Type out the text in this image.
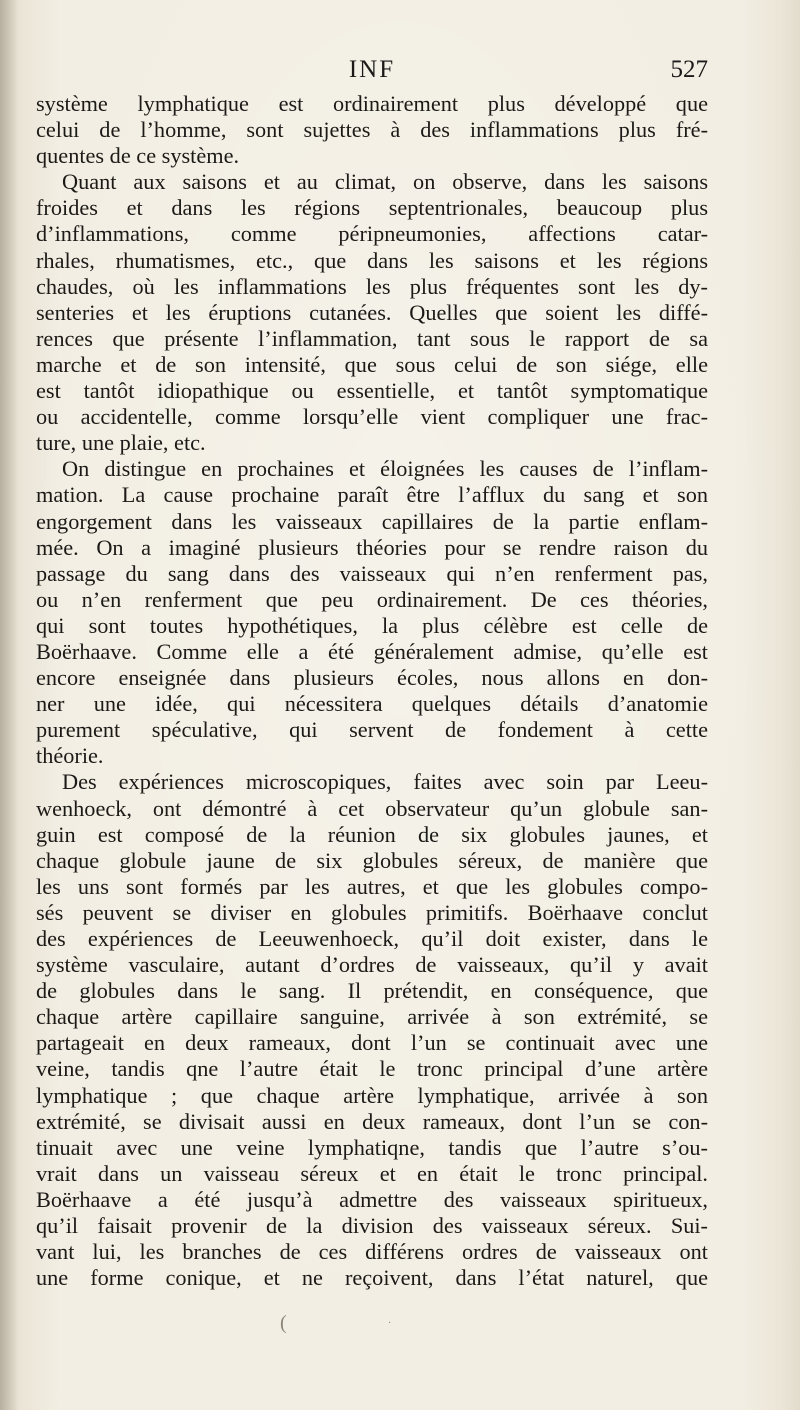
INF	527
système lymphatique est ordinairement plus développé que
celui de l’homme, sont sujettes à des inflammations plus fré-
quentes de ce système.
Quant aux saisons et au climat, on observe, dans les saisons
froides et dans les régions septentrionales, beaucoup plus
d’inflammations, comme péripneumonies, affections catar-
rhales, rhumatismes, etc., que dans les saisons et les régions
chaudes, où les inflammations les plus fréquentes sont les dy-
senteries et les éruptions cutanées. Quelles que soient les diffé-
rences que présente l’inflammation, tant sous le rapport de sa
marche et de son intensité, que sous celui de son siége, elle
est tantôt idiopathique ou essentielle, et tantôt symptomatique
ou accidentelle, comme lorsqu’elle vient compliquer une frac-
ture, une plaie, etc.
On distingue en prochaines et éloignées les causes de l’inflam-
mation. La cause prochaine paraît être l’afflux du sang et son
engorgement dans les vaisseaux capillaires de la partie enflam-
mée. On a imaginé plusieurs théories pour se rendre raison du
passage du sang dans des vaisseaux qui n’en renferment pas,
ou n’en renferment que peu ordinairement. De ces théories,
qui sont toutes hypothétiques, la plus célèbre est celle de
Boërhaave. Comme elle a été généralement admise, qu’elle est
encore enseignée dans plusieurs écoles, nous allons en don-
ner une idée, qui nécessitera quelques détails d’anatomie
purement spéculative, qui servent de fondement à cette
théorie.
Des expériences microscopiques, faites avec soin par Leeu-
wenhoeck, ont démontré à cet observateur qu’un globule san-
guin est composé de la réunion de six globules jaunes, et
chaque globule jaune de six globules séreux, de manière que
les uns sont formés par les autres, et que les globules compo-
sés peuvent se diviser en globules primitifs. Boërhaave conclut
des expériences de Leeuwenhoeck, qu’il doit exister, dans le
système vasculaire, autant d’ordres de vaisseaux, qu’il y avait
de globules dans le sang. Il prétendit, en conséquence, que
chaque artère capillaire sanguine, arrivée à son extrémité, se
partageait en deux rameaux, dont l’un se continuait avec une
veine, tandis qne l’autre était le tronc principal d’une artère
lymphatique ; que chaque artère lymphatique, arrivée à son
extrémité, se divisait aussi en deux rameaux, dont l’un se con-
tinuait avec une veine lymphatiqne, tandis que l’autre s’ou-
vrait dans un vaisseau séreux et en était le tronc principal.
Boërhaave a été jusqu’à admettre des vaisseaux spiritueux,
qu’il faisait provenir de la division des vaisseaux séreux. Sui-
vant lui, les branches de ces différens ordres de vaisseaux ont
une forme conique, et ne reçoivent, dans l’état naturel, que
(	·
